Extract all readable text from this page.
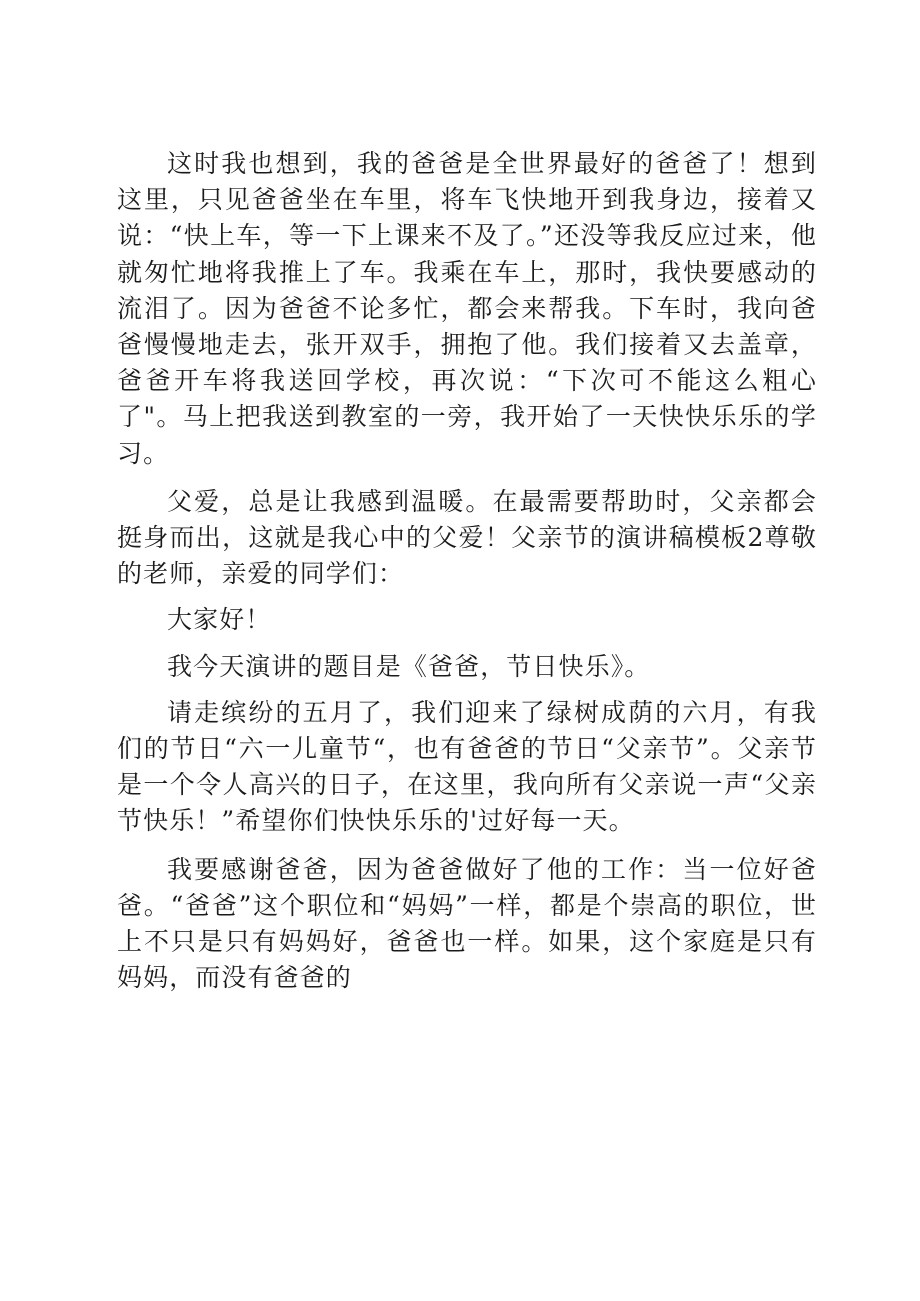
这时我也想到，我的爸爸是全世界最好的爸爸了！想到这里，只见爸爸坐在车里，将车飞快地开到我身边，接着又说：“快上车，等一下上课来不及了。”还没等我反应过来，他就匆忙地将我推上了车。我乘在车上，那时，我快要感动的流泪了。因为爸爸不论多忙，都会来帮我。下车时，我向爸爸慢慢地走去，张开双手，拥抱了他。我们接着又去盖章，爸爸开车将我送回学校，再次说：“下次可不能这么粗心了"。马上把我送到教室的一旁，我开始了一天快快乐乐的学习。

父爱，总是让我感到温暖。在最需要帮助时，父亲都会挺身而出，这就是我心中的父爱！父亲节的演讲稿模板2尊敬的老师，亲爱的同学们：

大家好！

我今天演讲的题目是《爸爸，节日快乐》。

请走缤纷的五月了，我们迎来了绿树成荫的六月，有我们的节日“六一儿童节“，也有爸爸的节日“父亲节”。父亲节是一个令人高兴的日子，在这里，我向所有父亲说一声“父亲节快乐！”希望你们快快乐乐的'过好每一天。

我要感谢爸爸，因为爸爸做好了他的工作：当一位好爸爸。“爸爸”这个职位和“妈妈”一样，都是个崇高的职位，世上不只是只有妈妈好，爸爸也一样。如果，这个家庭是只有妈妈，而没有爸爸的
